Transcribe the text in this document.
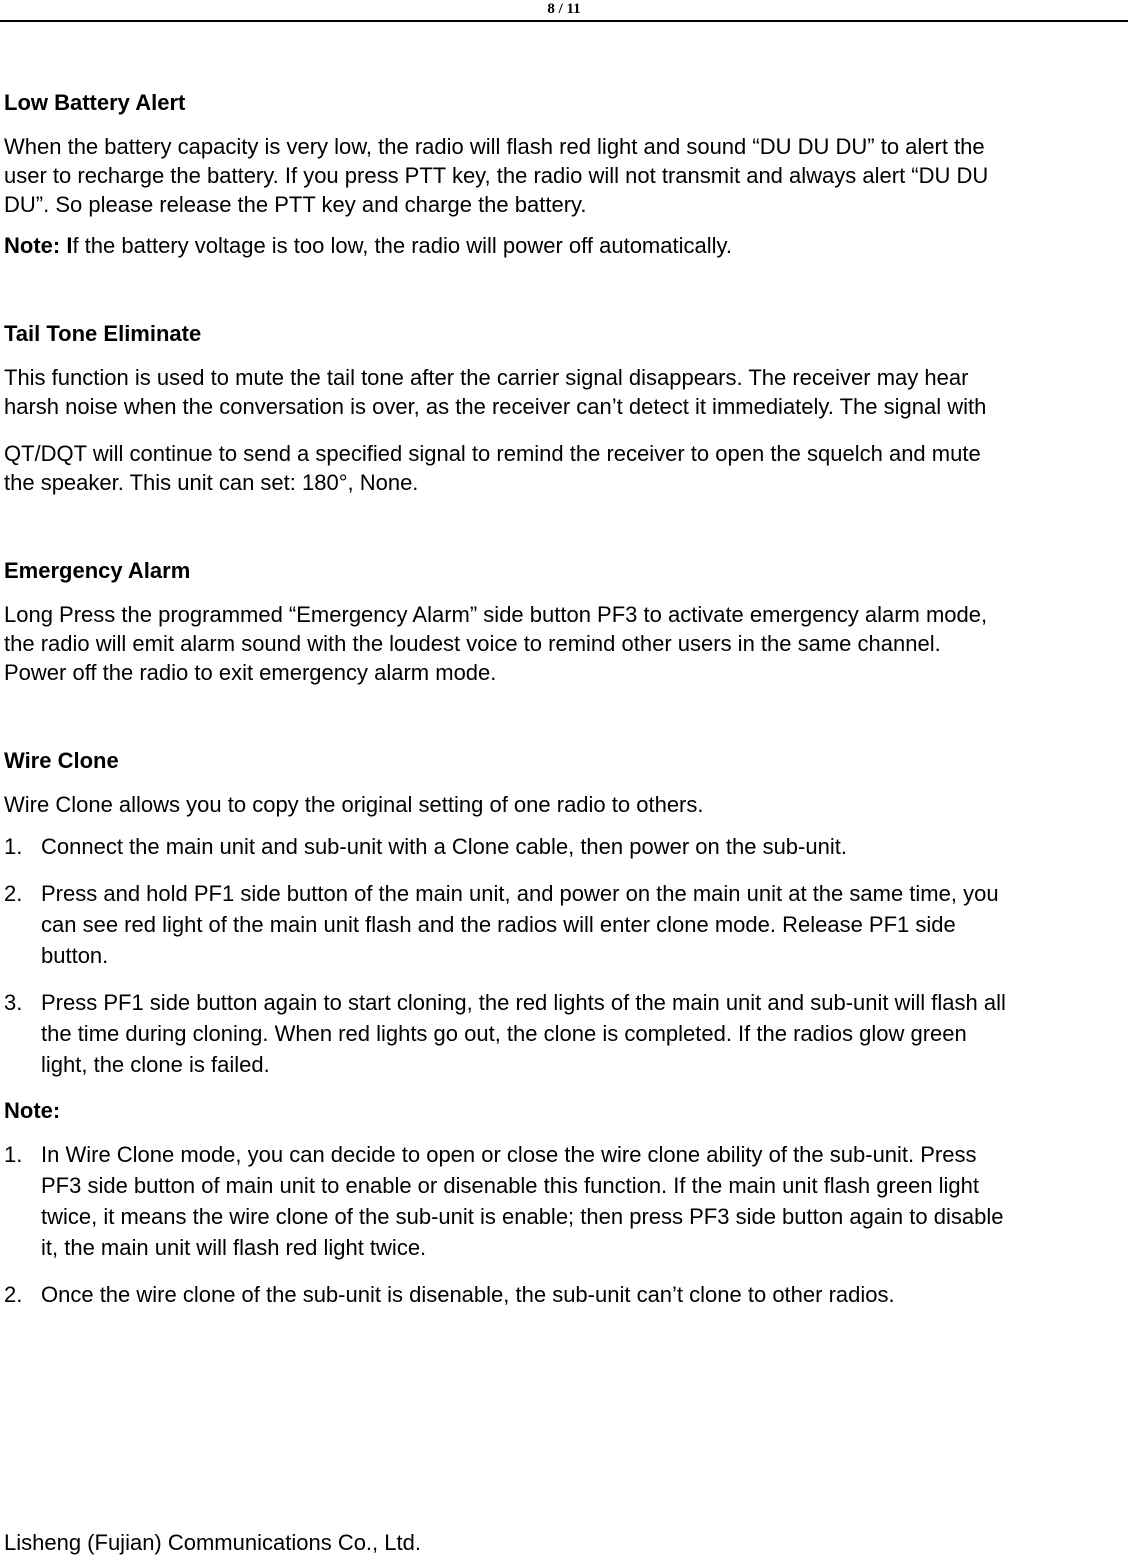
8 / 11
Low Battery Alert
When the battery capacity is very low, the radio will flash red light and sound “DU DU DU” to alert the
user to recharge the battery. If you press PTT key, the radio will not transmit and always alert “DU DU
DU”. So please release the PTT key and charge the battery.
Note: If the battery voltage is too low, the radio will power off automatically.
Tail Tone Eliminate
This function is used to mute the tail tone after the carrier signal disappears. The receiver may hear
harsh noise when the conversation is over, as the receiver can’t detect it immediately. The signal with
QT/DQT will continue to send a specified signal to remind the receiver to open the squelch and mute
the speaker. This unit can set: 180°, None.
Emergency Alarm
Long Press the programmed “Emergency Alarm” side button PF3 to activate emergency alarm mode,
the radio will emit alarm sound with the loudest voice to remind other users in the same channel.
Power off the radio to exit emergency alarm mode.
Wire Clone
Wire Clone allows you to copy the original setting of one radio to others.
1. Connect the main unit and sub-unit with a Clone cable, then power on the sub-unit.
2. Press and hold PF1 side button of the main unit, and power on the main unit at the same time, you
can see red light of the main unit flash and the radios will enter clone mode. Release PF1 side
button.
3. Press PF1 side button again to start cloning, the red lights of the main unit and sub-unit will flash all
the time during cloning. When red lights go out, the clone is completed. If the radios glow green
light, the clone is failed.
Note:
1. In Wire Clone mode, you can decide to open or close the wire clone ability of the sub-unit. Press
PF3 side button of main unit to enable or disenable this function. If the main unit flash green light
twice, it means the wire clone of the sub-unit is enable; then press PF3 side button again to disable
it, the main unit will flash red light twice.
2. Once the wire clone of the sub-unit is disenable, the sub-unit can’t clone to other radios.
Lisheng (Fujian) Communications Co., Ltd.
